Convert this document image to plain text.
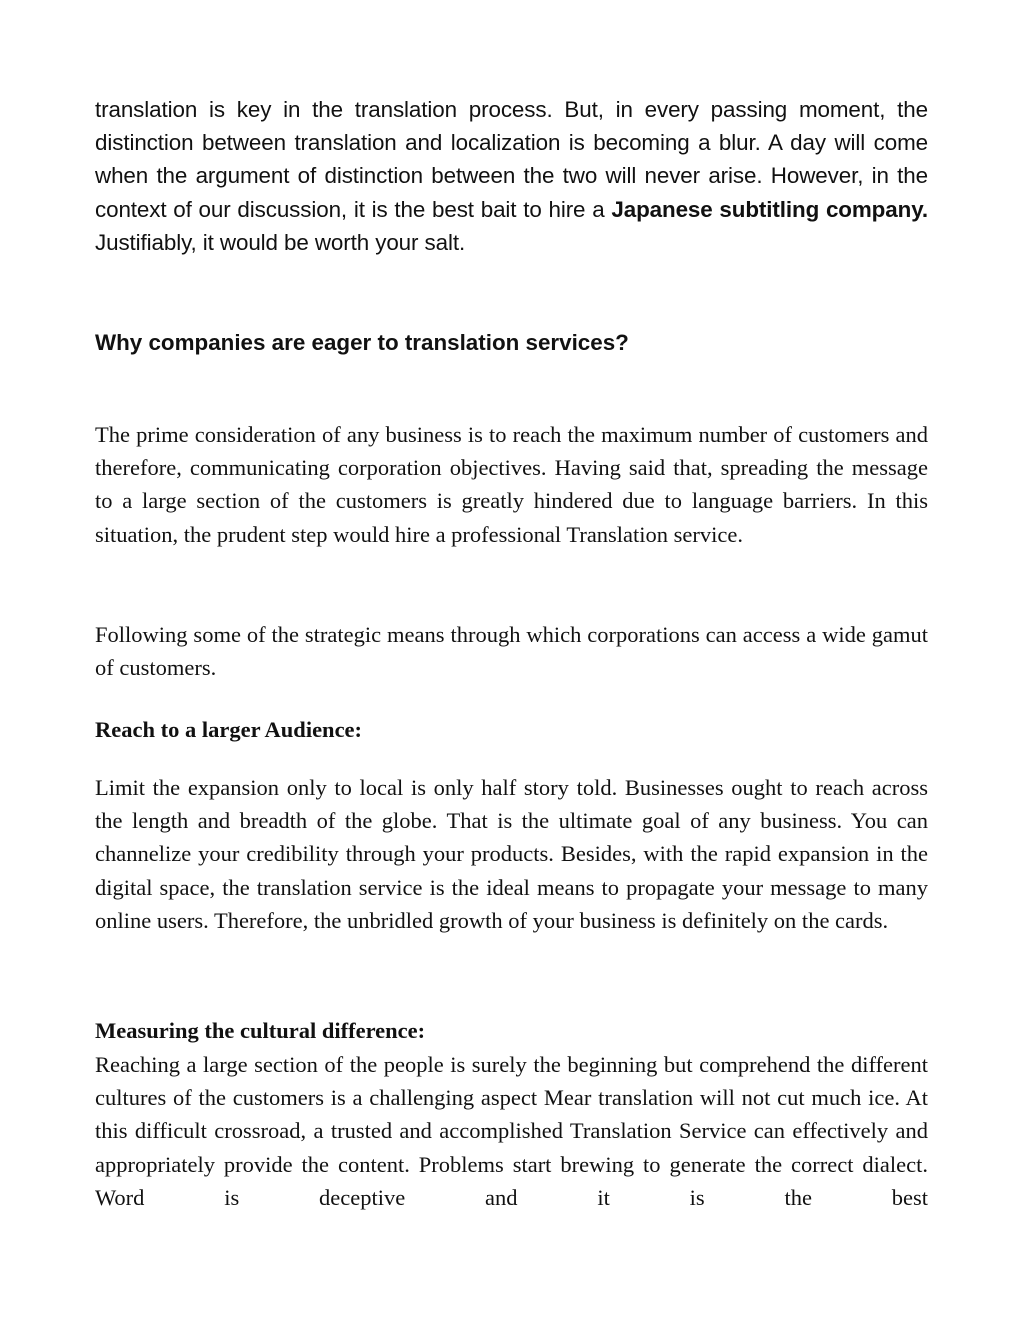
translation is key in the translation process. But, in every passing moment, the distinction between translation and localization is becoming a blur. A day will come when the argument of distinction between the two will never arise. However, in the context of our discussion, it is the best bait to hire a Japanese subtitling company. Justifiably, it would be worth your salt.

Why companies are eager to translation services?

The prime consideration of any business is to reach the maximum number of customers and therefore, communicating corporation objectives. Having said that, spreading the message to a large section of the customers is greatly hindered due to language barriers. In this situation, the prudent step would hire a professional Translation service.

Following some of the strategic means through which corporations can access a wide gamut of customers.

Reach to a larger Audience:

Limit the expansion only to local is only half story told. Businesses ought to reach across the length and breadth of the globe. That is the ultimate goal of any business. You can channelize your credibility through your products. Besides, with the rapid expansion in the digital space, the translation service is the ideal means to propagate your message to many online users. Therefore, the unbridled growth of your business is definitely on the cards.

Measuring the cultural difference:

Reaching a large section of the people is surely the beginning but comprehend the different cultures of the customers is a challenging aspect Mear translation will not cut much ice. At this difficult crossroad, a trusted and accomplished Translation Service can effectively and appropriately provide the content. Problems start brewing to generate the correct dialect. Word is deceptive and it is the best
